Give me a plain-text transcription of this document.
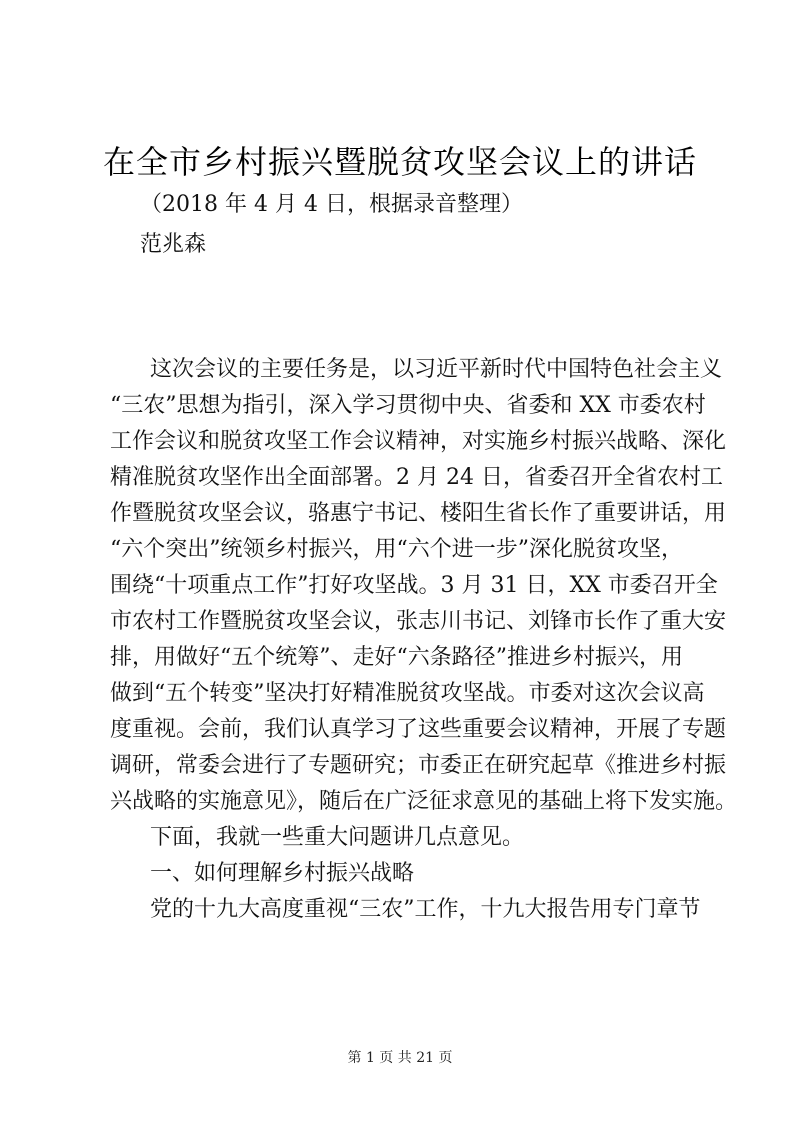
在全市乡村振兴暨脱贫攻坚会议上的讲话

（2018 年 4 月 4 日，根据录音整理）

范兆森

这次会议的主要任务是，以习近平新时代中国特色社会主义

“三农”思想为指引，深入学习贯彻中央、省委和 XX 市委农村

工作会议和脱贫攻坚工作会议精神，对实施乡村振兴战略、深化

精准脱贫攻坚作出全面部署。2 月 24 日，省委召开全省农村工

作暨脱贫攻坚会议，骆惠宁书记、楼阳生省长作了重要讲话，用

“六个突出”统领乡村振兴，用“六个进一步”深化脱贫攻坚，

围绕“十项重点工作”打好攻坚战。3 月 31 日，XX 市委召开全

市农村工作暨脱贫攻坚会议，张志川书记、刘锋市长作了重大安

排，用做好“五个统筹”、走好“六条路径”推进乡村振兴，用

做到“五个转变”坚决打好精准脱贫攻坚战。市委对这次会议高

度重视。会前，我们认真学习了这些重要会议精神，开展了专题

调研，常委会进行了专题研究；市委正在研究起草《推进乡村振

兴战略的实施意见》，随后在广泛征求意见的基础上将下发实施。

下面，我就一些重大问题讲几点意见。

一、如何理解乡村振兴战略

党的十九大高度重视“三农”工作，十九大报告用专门章节

第 1 页 共 21 页
